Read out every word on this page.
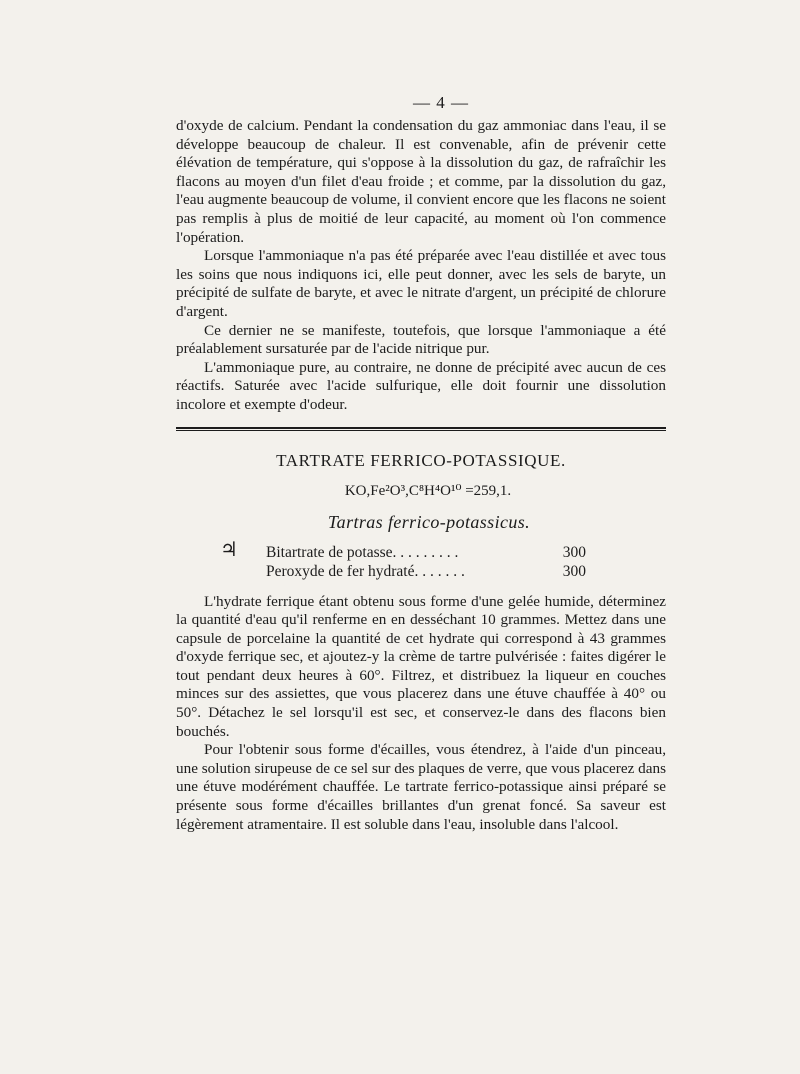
— 4 —

d'oxyde de calcium. Pendant la condensation du gaz ammoniac dans l'eau, il se développe beaucoup de chaleur. Il est convenable, afin de prévenir cette élévation de température, qui s'oppose à la dissolution du gaz, de rafraîchir les flacons au moyen d'un filet d'eau froide ; et comme, par la dissolution du gaz, l'eau augmente beaucoup de volume, il convient encore que les flacons ne soient pas remplis à plus de moitié de leur capacité, au moment où l'on commence l'opération.

Lorsque l'ammoniaque n'a pas été préparée avec l'eau distillée et avec tous les soins que nous indiquons ici, elle peut donner, avec les sels de baryte, un précipité de sulfate de baryte, et avec le nitrate d'argent, un précipité de chlorure d'argent.

Ce dernier ne se manifeste, toutefois, que lorsque l'ammoniaque a été préalablement sursaturée par de l'acide nitrique pur.

L'ammoniaque pure, au contraire, ne donne de précipité avec aucun de ces réactifs. Saturée avec l'acide sulfurique, elle doit fournir une dissolution incolore et exempte d'odeur.

TARTRATE FERRICO-POTASSIQUE.
KO,Fe²O³,C⁸H⁴O¹⁰ =259,1.
Tartras ferrico-potassicus.
♃ Bitartrate de potasse. . . . . . . . .	300
Peroxyde de fer hydraté. . . . . . .	300

L'hydrate ferrique étant obtenu sous forme d'une gelée humide, déterminez la quantité d'eau qu'il renferme en en desséchant 10 grammes. Mettez dans une capsule de porcelaine la quantité de cet hydrate qui correspond à 43 grammes d'oxyde ferrique sec, et ajoutez-y la crème de tartre pulvérisée : faites digérer le tout pendant deux heures à 60°. Filtrez, et distribuez la liqueur en couches minces sur des assiettes, que vous placerez dans une étuve chauffée à 40° ou 50°. Détachez le sel lorsqu'il est sec, et conservez-le dans des flacons bien bouchés.

Pour l'obtenir sous forme d'écailles, vous étendrez, à l'aide d'un pinceau, une solution sirupeuse de ce sel sur des plaques de verre, que vous placerez dans une étuve modérément chauffée. Le tartrate ferrico-potassique ainsi préparé se présente sous forme d'écailles brillantes d'un grenat foncé. Sa saveur est légèrement atramentaire. Il est soluble dans l'eau, insoluble dans l'alcool.
